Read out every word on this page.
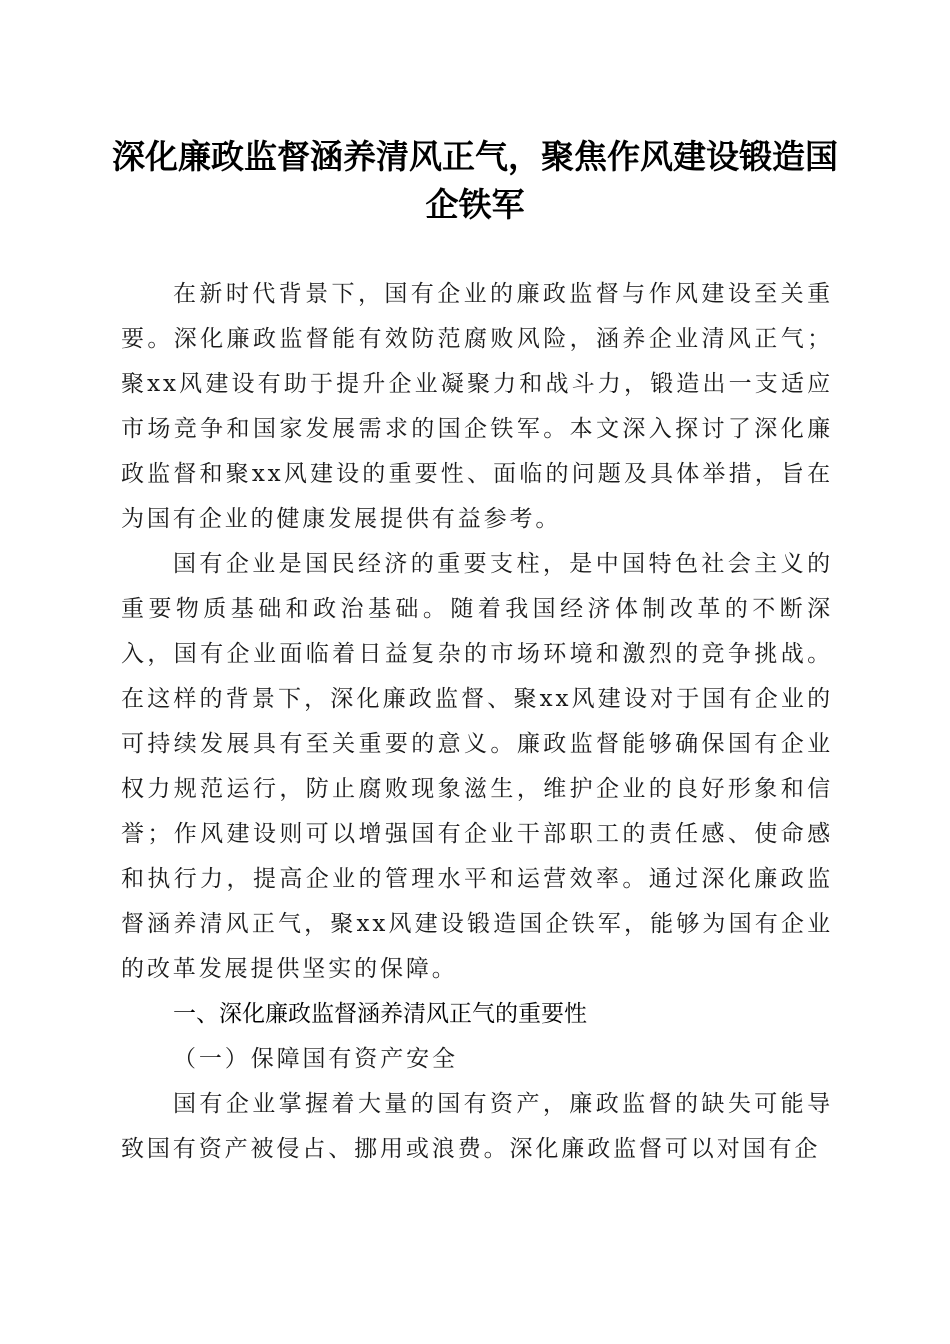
深化廉政监督涵养清风正气，聚焦作风建设锻造国企铁军

在新时代背景下，国有企业的廉政监督与作风建设至关重要。深化廉政监督能有效防范腐败风险，涵养企业清风正气；聚xx风建设有助于提升企业凝聚力和战斗力，锻造出一支适应市场竞争和国家发展需求的国企铁军。本文深入探讨了深化廉政监督和聚xx风建设的重要性、面临的问题及具体举措，旨在为国有企业的健康发展提供有益参考。

国有企业是国民经济的重要支柱，是中国特色社会主义的重要物质基础和政治基础。随着我国经济体制改革的不断深入，国有企业面临着日益复杂的市场环境和激烈的竞争挑战。在这样的背景下，深化廉政监督、聚xx风建设对于国有企业的可持续发展具有至关重要的意义。廉政监督能够确保国有企业权力规范运行，防止腐败现象滋生，维护企业的良好形象和信誉；作风建设则可以增强国有企业干部职工的责任感、使命感和执行力，提高企业的管理水平和运营效率。通过深化廉政监督涵养清风正气，聚xx风建设锻造国企铁军，能够为国有企业的改革发展提供坚实的保障。

一、深化廉政监督涵养清风正气的重要性

（一）保障国有资产安全

国有企业掌握着大量的国有资产，廉政监督的缺失可能导致国有资产被侵占、挪用或浪费。深化廉政监督可以对国有企
